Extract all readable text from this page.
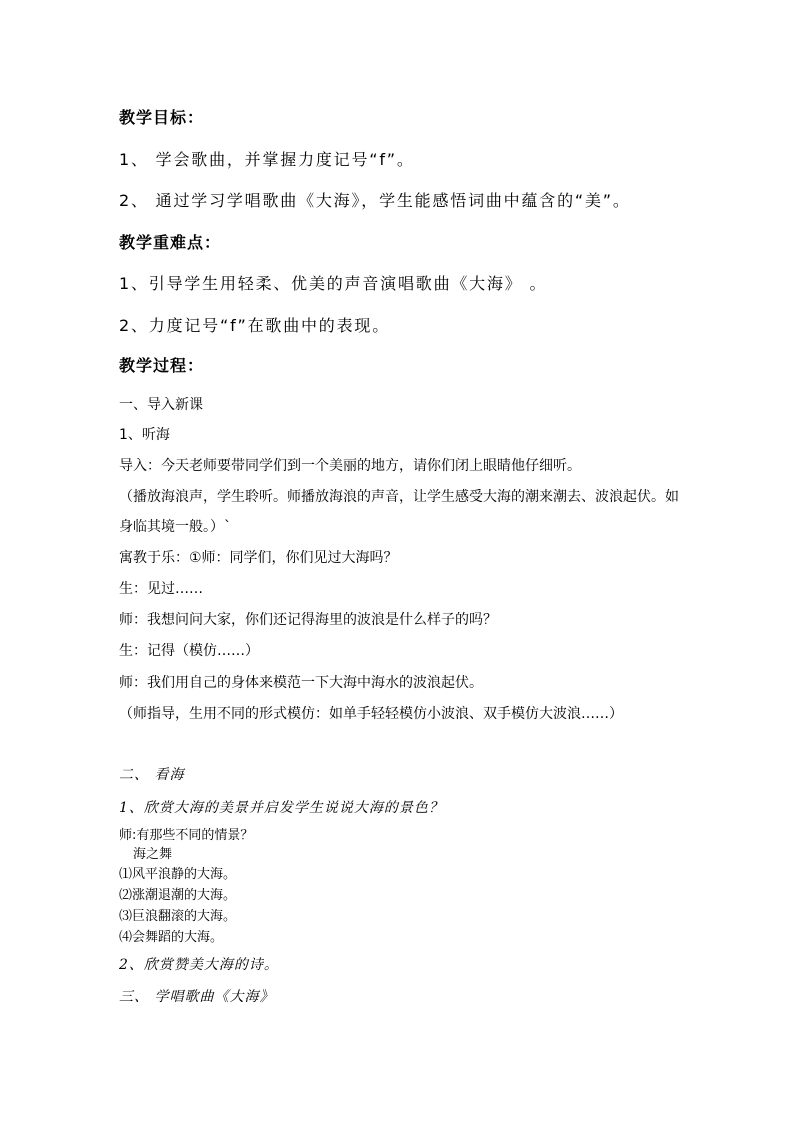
教学目标：
1、 学会歌曲，并掌握力度记号“f”。
2、 通过学习学唱歌曲《大海》，学生能感悟词曲中蕴含的“美”。
教学重难点：
1、引导学生用轻柔、优美的声音演唱歌曲《大海》 。
2、力度记号“f”在歌曲中的表现。
教学过程：
一、导入新课
1、听海
导入：今天老师要带同学们到一个美丽的地方，请你们闭上眼睛他仔细听。
（播放海浪声，学生聆听。师播放海浪的声音，让学生感受大海的潮来潮去、波浪起伏。如
身临其境一般。）`
寓教于乐：①师：同学们，你们见过大海吗？
生：见过……
师：我想问问大家，你们还记得海里的波浪是什么样子的吗？
生：记得（模仿……）
师：我们用自己的身体来模范一下大海中海水的波浪起伏。
（师指导，生用不同的形式模仿：如单手轻轻模仿小波浪、双手模仿大波浪……）
二、 看海
1、欣赏大海的美景并启发学生说说大海的景色？
师:有那些不同的情景？
海之舞
⑴风平浪静的大海。
⑵涨潮退潮的大海。
⑶巨浪翻滚的大海。
⑷会舞蹈的大海。
2、欣赏赞美大海的诗。
三、 学唱歌曲《大海》
